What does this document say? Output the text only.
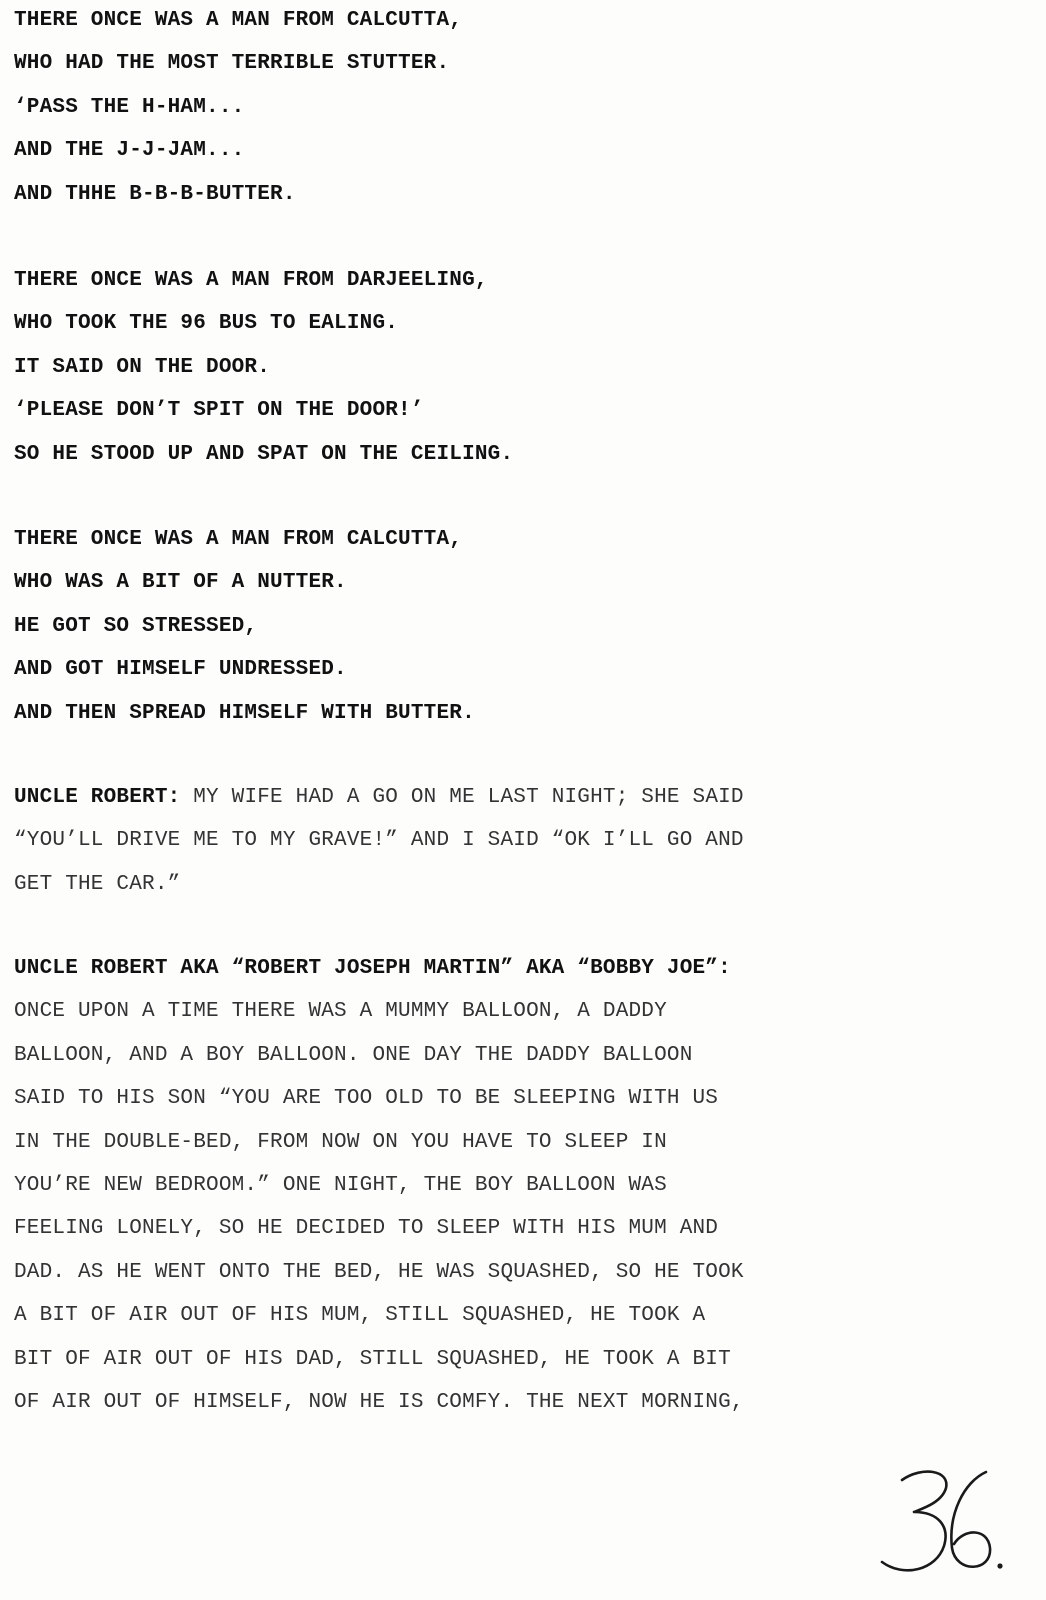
THERE ONCE WAS A MAN FROM CALCUTTA,
WHO HAD THE MOST TERRIBLE STUTTER.
‘PASS THE H-HAM...
AND THE J-J-JAM...
AND THHE B-B-B-BUTTER.
THERE ONCE WAS A MAN FROM DARJEELING,
WHO TOOK THE 96 BUS TO EALING.
IT SAID ON THE DOOR.
‘PLEASE DON’T SPIT ON THE DOOR!’
SO HE STOOD UP AND SPAT ON THE CEILING.
THERE ONCE WAS A MAN FROM CALCUTTA,
WHO WAS A BIT OF A NUTTER.
HE GOT SO STRESSED,
AND GOT HIMSELF UNDRESSED.
AND THEN SPREAD HIMSELF WITH BUTTER.
UNCLE ROBERT: MY WIFE HAD A GO ON ME LAST NIGHT; SHE SAID
“YOU’LL DRIVE ME TO MY GRAVE!” AND I SAID “OK I’LL GO AND
GET THE CAR.”
UNCLE ROBERT AKA “ROBERT JOSEPH MARTIN” AKA “BOBBY JOE”:
ONCE UPON A TIME THERE WAS A MUMMY BALLOON, A DADDY
BALLOON, AND A BOY BALLOON. ONE DAY THE DADDY BALLOON
SAID TO HIS SON “YOU ARE TOO OLD TO BE SLEEPING WITH US
IN THE DOUBLE-BED, FROM NOW ON YOU HAVE TO SLEEP IN
YOU’RE NEW BEDROOM.” ONE NIGHT, THE BOY BALLOON WAS
FEELING LONELY, SO HE DECIDED TO SLEEP WITH HIS MUM AND
DAD. AS HE WENT ONTO THE BED, HE WAS SQUASHED, SO HE TOOK
A BIT OF AIR OUT OF HIS MUM, STILL SQUASHED, HE TOOK A
BIT OF AIR OUT OF HIS DAD, STILL SQUASHED, HE TOOK A BIT
OF AIR OUT OF HIMSELF, NOW HE IS COMFY. THE NEXT MORNING,
